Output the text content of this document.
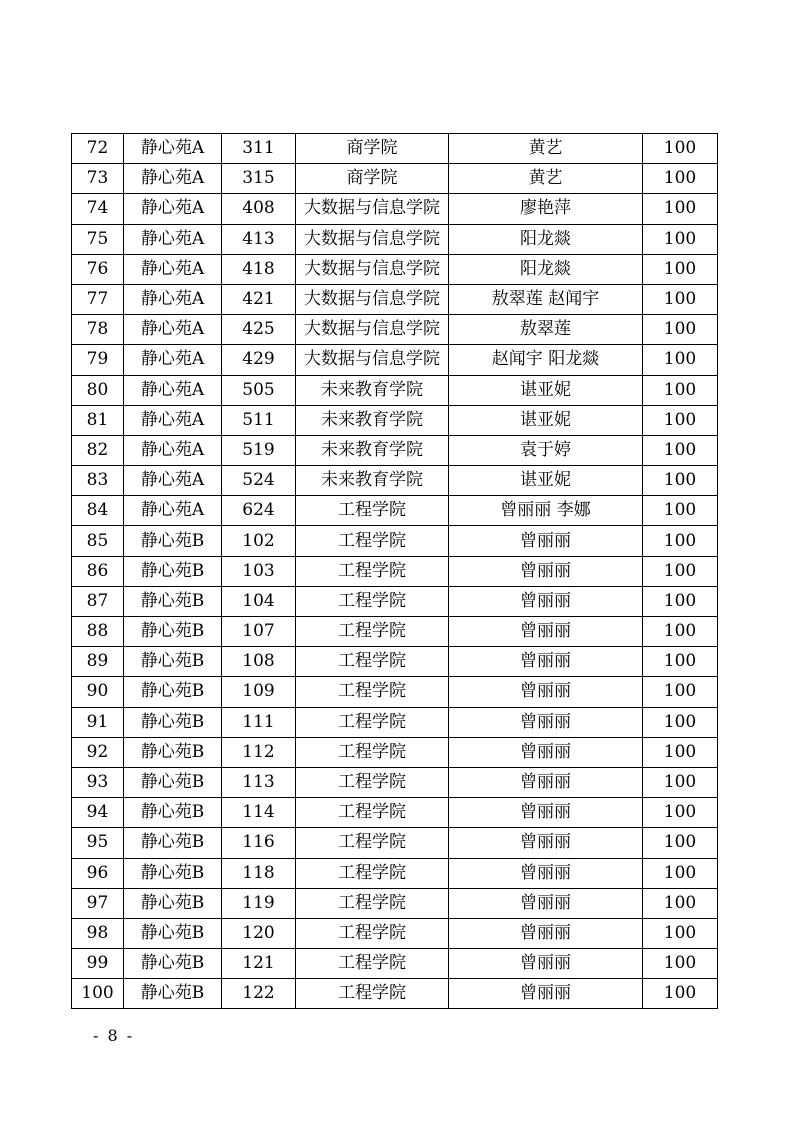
72	静心苑A	311	商学院	黄艺	100
73	静心苑A	315	商学院	黄艺	100
74	静心苑A	408	大数据与信息学院	廖艳萍	100
75	静心苑A	413	大数据与信息学院	阳龙燚	100
76	静心苑A	418	大数据与信息学院	阳龙燚	100
77	静心苑A	421	大数据与信息学院	敖翠莲 赵闻宇	100
78	静心苑A	425	大数据与信息学院	敖翠莲	100
79	静心苑A	429	大数据与信息学院	赵闻宇 阳龙燚	100
80	静心苑A	505	未来教育学院	谌亚妮	100
81	静心苑A	511	未来教育学院	谌亚妮	100
82	静心苑A	519	未来教育学院	袁于婷	100
83	静心苑A	524	未来教育学院	谌亚妮	100
84	静心苑A	624	工程学院	曾丽丽 李娜	100
85	静心苑B	102	工程学院	曾丽丽	100
86	静心苑B	103	工程学院	曾丽丽	100
87	静心苑B	104	工程学院	曾丽丽	100
88	静心苑B	107	工程学院	曾丽丽	100
89	静心苑B	108	工程学院	曾丽丽	100
90	静心苑B	109	工程学院	曾丽丽	100
91	静心苑B	111	工程学院	曾丽丽	100
92	静心苑B	112	工程学院	曾丽丽	100
93	静心苑B	113	工程学院	曾丽丽	100
94	静心苑B	114	工程学院	曾丽丽	100
95	静心苑B	116	工程学院	曾丽丽	100
96	静心苑B	118	工程学院	曾丽丽	100
97	静心苑B	119	工程学院	曾丽丽	100
98	静心苑B	120	工程学院	曾丽丽	100
99	静心苑B	121	工程学院	曾丽丽	100
100	静心苑B	122	工程学院	曾丽丽	100
- 8 -
